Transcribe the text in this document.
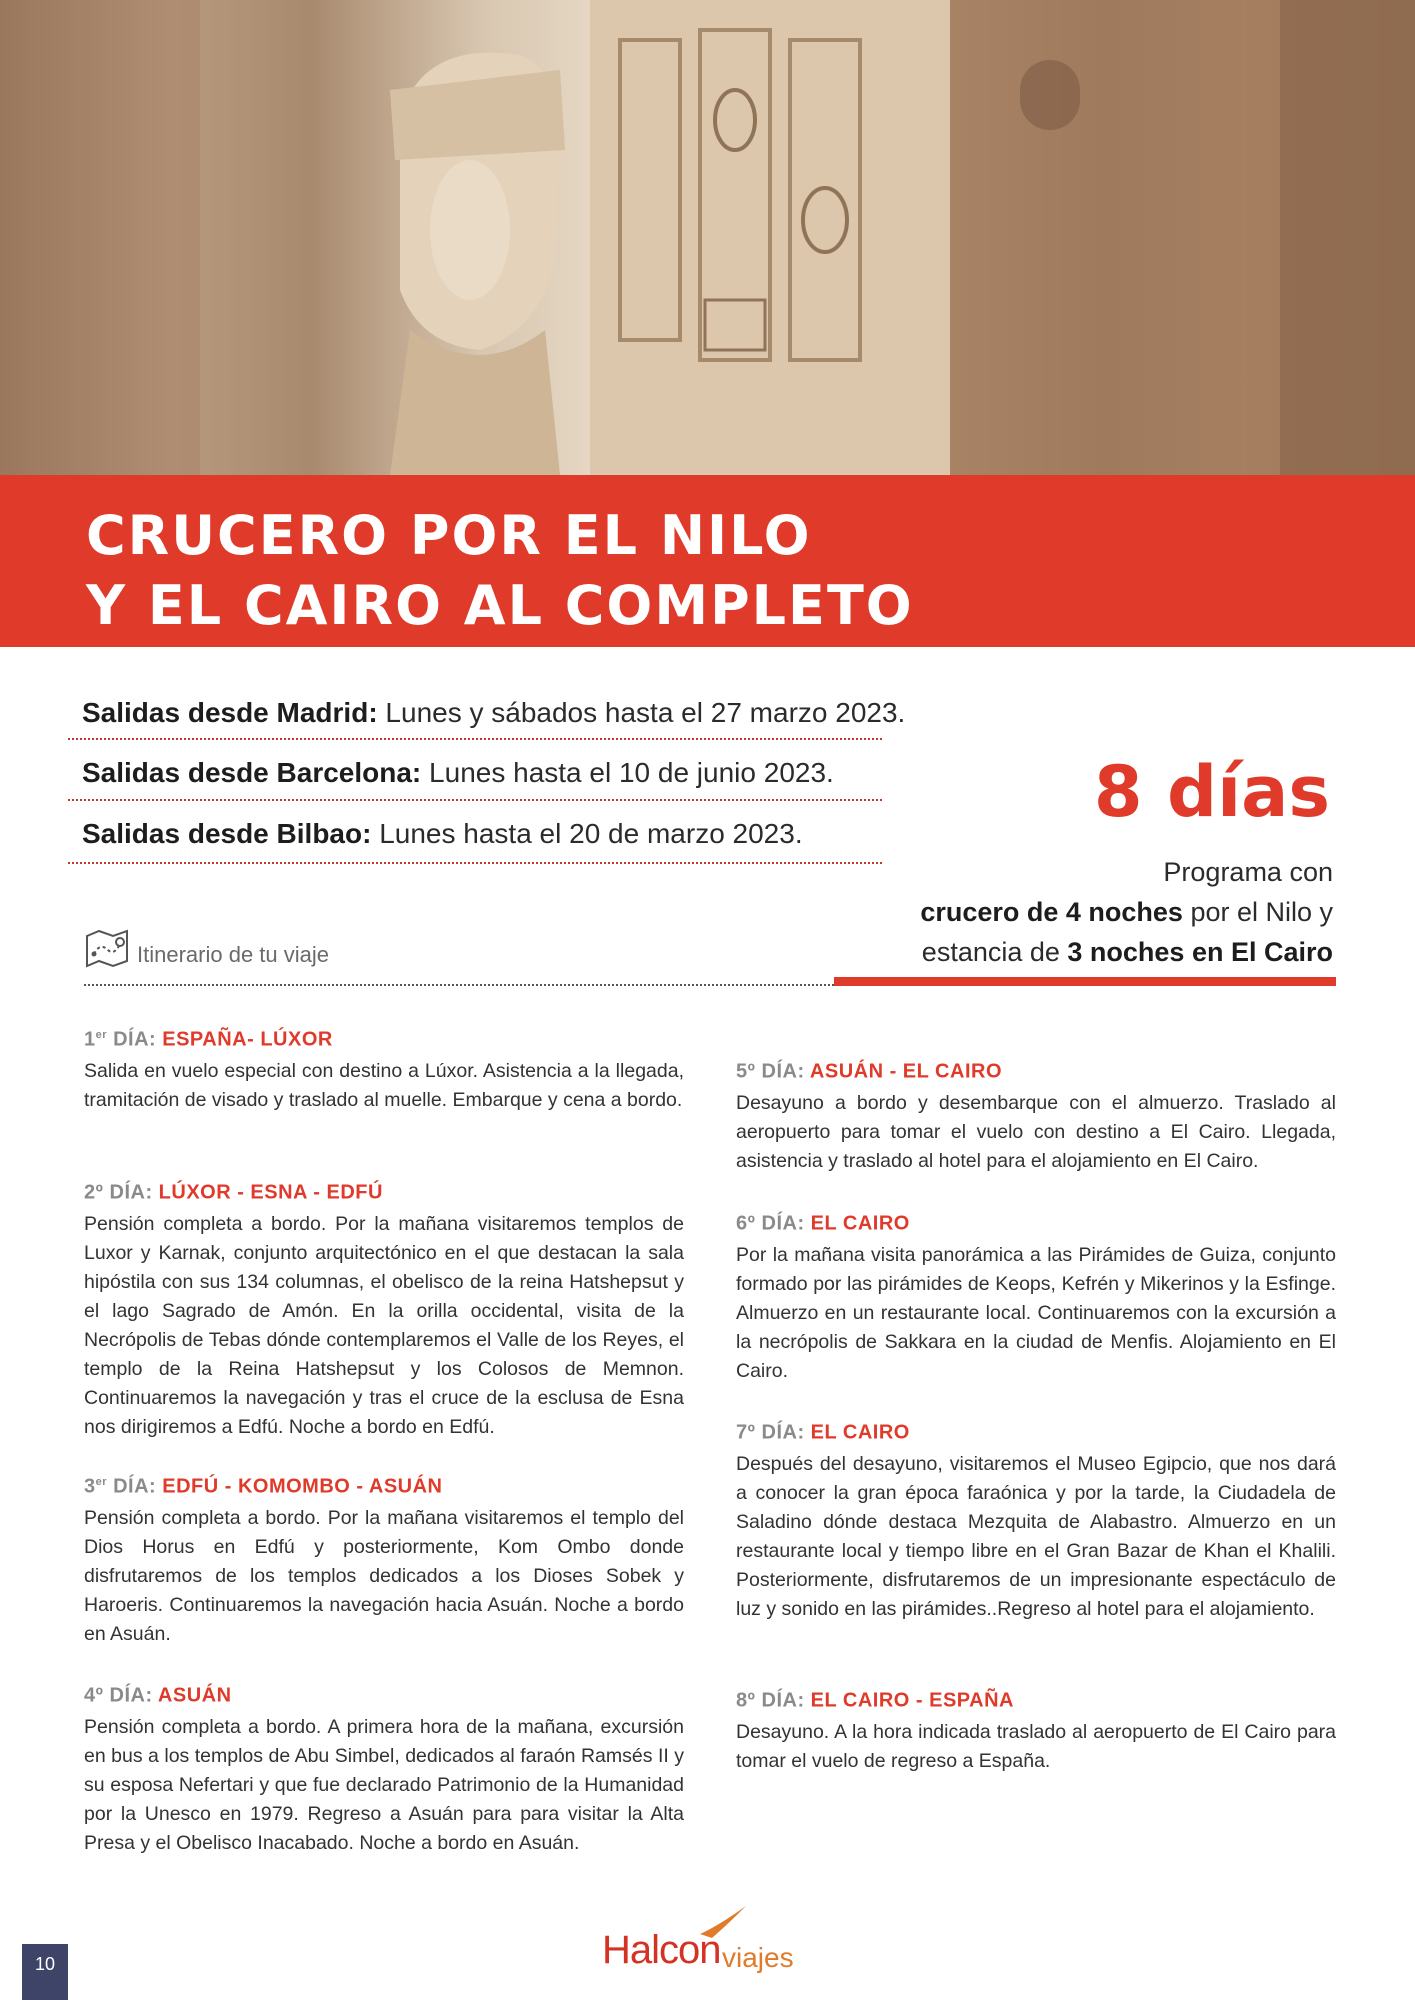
CRUCERO POR EL NILO
Y EL CAIRO AL COMPLETO
Salidas desde Madrid: Lunes y sábados hasta el 27 marzo 2023.
Salidas desde Barcelona: Lunes hasta el 10 de junio 2023.
Salidas desde Bilbao: Lunes hasta el 20 de marzo 2023.
8 días
Programa con
crucero de 4 noches por el Nilo y
estancia de 3 noches en El Cairo
Itinerario de tu viaje
1er DÍA: ESPAÑA- LÚXOR

Salida en vuelo especial con destino a Lúxor. Asistencia a la llegada, tramitación de visado y traslado al muelle. Embarque y cena a bordo.

2º DÍA: LÚXOR - ESNA - EDFÚ

Pensión completa a bordo. Por la mañana visitaremos templos de Luxor y Karnak, conjunto arquitectónico en el que destacan la sala hipóstila con sus 134 columnas, el obelisco de la reina Hatshepsut y el lago Sagrado de Amón. En la orilla occidental, visita de la Necrópolis de Tebas dónde contemplaremos el Valle de los Reyes, el templo de la Reina Hatshepsut y los Colosos de Memnon. Continuaremos la navegación y tras el cruce de la esclusa de Esna nos dirigiremos a Edfú. Noche a bordo en Edfú.

3er DÍA: EDFÚ - KOMOMBO - ASUÁN

Pensión completa a bordo. Por la mañana visitaremos el templo del Dios Horus en Edfú y posteriormente, Kom Ombo donde disfrutaremos de los templos dedicados a los Dioses Sobek y Haroeris. Continuaremos la navegación hacia Asuán. Noche a bordo en Asuán.

4º DÍA: ASUÁN

Pensión completa a bordo. A primera hora de la mañana, excursión en bus a los templos de Abu Simbel, dedicados al faraón Ramsés II y su esposa Nefertari y que fue declarado Patrimonio de la Humanidad por la Unesco en 1979. Regreso a Asuán para para visitar la Alta Presa y el Obelisco Inacabado. Noche a bordo en Asuán.

5º DÍA: ASUÁN - EL CAIRO

Desayuno a bordo y desembarque con el almuerzo. Traslado al aeropuerto para tomar el vuelo con destino a El Cairo. Llegada, asistencia y traslado al hotel para el alojamiento en El Cairo.

6º DÍA: EL CAIRO

Por la mañana visita panorámica a las Pirámides de Guiza, conjunto formado por las pirámides de Keops, Kefrén y Mikerinos y la Esfinge. Almuerzo en un restaurante local. Continuaremos con la excursión a la necrópolis de Sakkara en la ciudad de Menfis. Alojamiento en El Cairo.

7º DÍA: EL CAIRO

Después del desayuno, visitaremos el Museo Egipcio, que nos dará a conocer la gran época faraónica y por la tarde, la Ciudadela de Saladino dónde destaca Mezquita de Alabastro. Almuerzo en un restaurante local y tiempo libre en el Gran Bazar de Khan el Khalili. Posteriormente, disfrutaremos de un impresionante espectáculo de luz y sonido en las pirámides..Regreso al hotel para el alojamiento.

8º DÍA: EL CAIRO - ESPAÑA

Desayuno. A la hora indicada traslado al aeropuerto de El Cairo para tomar el vuelo de regreso a España.

10	Halcon viajes
